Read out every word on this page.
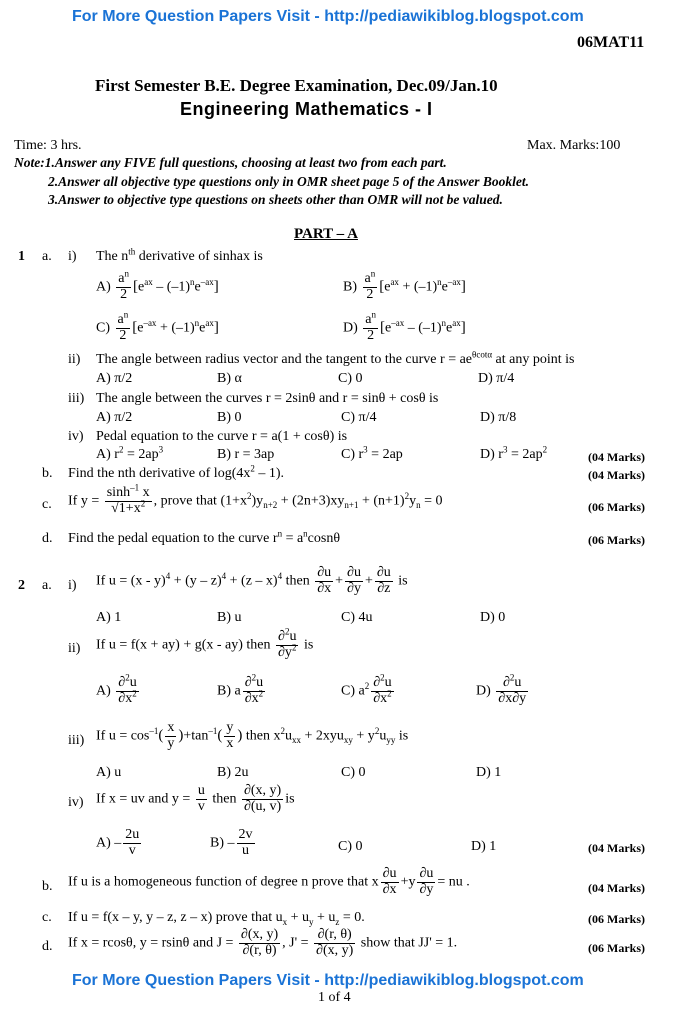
For More Question Papers Visit - http://pediawikiblog.blogspot.com
06MAT11
First Semester B.E. Degree Examination, Dec.09/Jan.10
Engineering Mathematics - I
Time: 3 hrs.	Max. Marks:100
Note:1.Answer any FIVE full questions, choosing at least two from each part.
2.Answer all objective type questions only in OMR sheet page 5 of the Answer Booklet.
3.Answer to objective type questions on sheets other than OMR will not be valued.
PART – A
1 a. i) The $n^{th}$ derivative of sinhax is
$A) \frac{a^n}{2} [e^{ax} - (-1)^ne^{-ax}]$	$B) \frac{a^n}{2} [e^{ax} + (-1)^ne^{-ax}]$
$C) \frac{a^n}{2} [e^{-ax} + (-1)^ne^{ax}]$	$D) \frac{a^n}{2} [e^{-ax} - (-1)^ne^{ax}]$
ii) The angle between radius vector and the tangent to the curve $r = ae^{\theta cot\alpha}$ at any point is
A) π/2	B) α	C) 0	D) π/4
iii) The angle between the curves r = 2sinθ and r = sinθ + cosθ is
A) π/2	B) 0	C) π/4	D) π/8
iv) Pedal equation to the curve r = a(1 + cosθ) is
A) $r^2 = 2ap^3$	B) r = 3ap	C) $r^3 = 2ap$	D) $r^3 = 2ap^2$
(04 Marks)
b. Find the nth derivative of $\log(4x^2 - 1)$.	(04 Marks)
c. If $y = \frac{\sinh^{-1} x}{√1+x^2}$ , prove that $(1+x^2)y_{n+2} + (2n+3)xy_{n+1} + (n+1)^2y_n = 0$	(06 Marks)
d. Find the pedal equation to the curve $r^n = a^n\cos n\theta$	(06 Marks)
2 a. i) If u = (x - y)$^4$ + (y – z)$^4$ + (z – x)$^4$ then $\frac{\partial u}{\partial x} + \frac{\partial u}{\partial y} + \frac{\partial u}{\partial z}$ is
A) 1	B) u	C) 4u	D) 0
ii) If u = f(x + ay) + g(x - ay) then $\frac{\partial^2u}{\partial y^2}$ is
$A) \frac{\partial^2u}{\partial x^2}$	B) a $\frac{\partial^2u}{\partial x^2}$	C) $a^2 \frac{\partial^2u}{\partial x^2}$	$D) \frac{\partial^2u}{\partial x\partial y}$
iii) If $u = \cos^{-1}( \frac{x}{y} )+\tan^{-1}( \frac{y}{x}$ ) then $x^2u_{xx} + 2xyu_{xy} + y^2u_{yy}$ is
A) u	B) 2u	C) 0	D) 1
iv) If x = uv and $y = \frac{u}{v}$ then $\frac{\partial(x, y)}{\partial(u, v)}$ is
$A) - \frac{2u}{v}$	$B) - \frac{2v}{u}$	C) 0	D) 1	(04 Marks)
b. If u is a homogeneous function of degree n prove that x $\frac{\partial u}{\partial x} +y \frac{\partial u}{\partial y}$ = nu .	(04 Marks)
c. If u = f(x – y, y – z, z – x) prove that $u_x + u_y + u_z = 0$.	(06 Marks)
d. If x = rcosθ, y = rsinθ and $J = \frac{\partial(x, y)}{\partial(r, \theta)}$ , $J' = \frac{\partial(r, \theta)}{\partial(x, y)}$ show that JJ' = 1.	(06 Marks)
For More Question Papers Visit - http://pediawikiblog.blogspot.com
1 of 4
